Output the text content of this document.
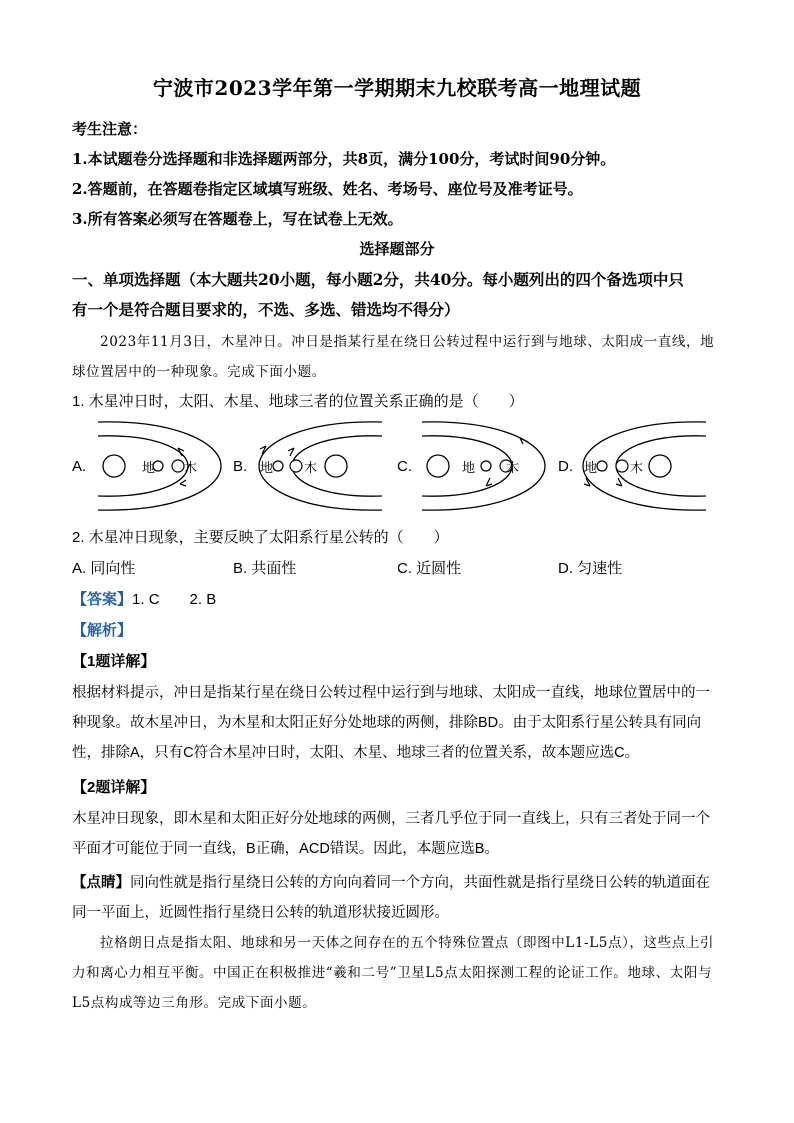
宁波市2023学年第一学期期末九校联考高一地理试题
考生注意：
1.本试题卷分选择题和非选择题两部分，共8页，满分100分，考试时间90分钟。
2.答题前，在答题卷指定区域填写班级、姓名、考场号、座位号及准考证号。
3.所有答案必须写在答题卷上，写在试卷上无效。
选择题部分
一、单项选择题（本大题共20小题，每小题2分，共40分。每小题列出的四个备选项中只
有一个是符合题目要求的，不选、多选、错选均不得分）
2023年11月3日，木星冲日。冲日是指某行星在绕日公转过程中运行到与地球、太阳成一直线，地
球位置居中的一种现象。完成下面小题。
1. 木星冲日时，太阳、木星、地球三者的位置关系正确的是（　　）
A.	地 木 B. 地 木	C.	地 木	D. 地	木
2. 木星冲日现象，主要反映了太阳系行星公转的（　　）
A. 同向性	B. 共面性	C. 近圆性	D. 匀速性
【答案】1. C　　2. B
【解析】
【1题详解】
根据材料提示，冲日是指某行星在绕日公转过程中运行到与地球、太阳成一直线，地球位置居中的一种现象。故木星冲日，为木星和太阳正好分处地球的两侧，排除BD。由于太阳系行星公转具有同向性，排除A，只有C符合木星冲日时，太阳、木星、地球三者的位置关系，故本题应选C。
【2题详解】
木星冲日现象，即木星和太阳正好分处地球的两侧，三者几乎位于同一直线上，只有三者处于同一个平面才可能位于同一直线，B正确，ACD错误。因此，本题应选B。
【点睛】同向性就是指行星绕日公转的方向向着同一个方向，共面性就是指行星绕日公转的轨道面在同一平面上，近圆性指行星绕日公转的轨道形状接近圆形。
拉格朗日点是指太阳、地球和另一天体之间存在的五个特殊位置点（即图中L1-L5点），这些点上引力和离心力相互平衡。中国正在积极推进“羲和二号”卫星L5点太阳探测工程的论证工作。地球、太阳与L5点构成等边三角形。完成下面小题。
